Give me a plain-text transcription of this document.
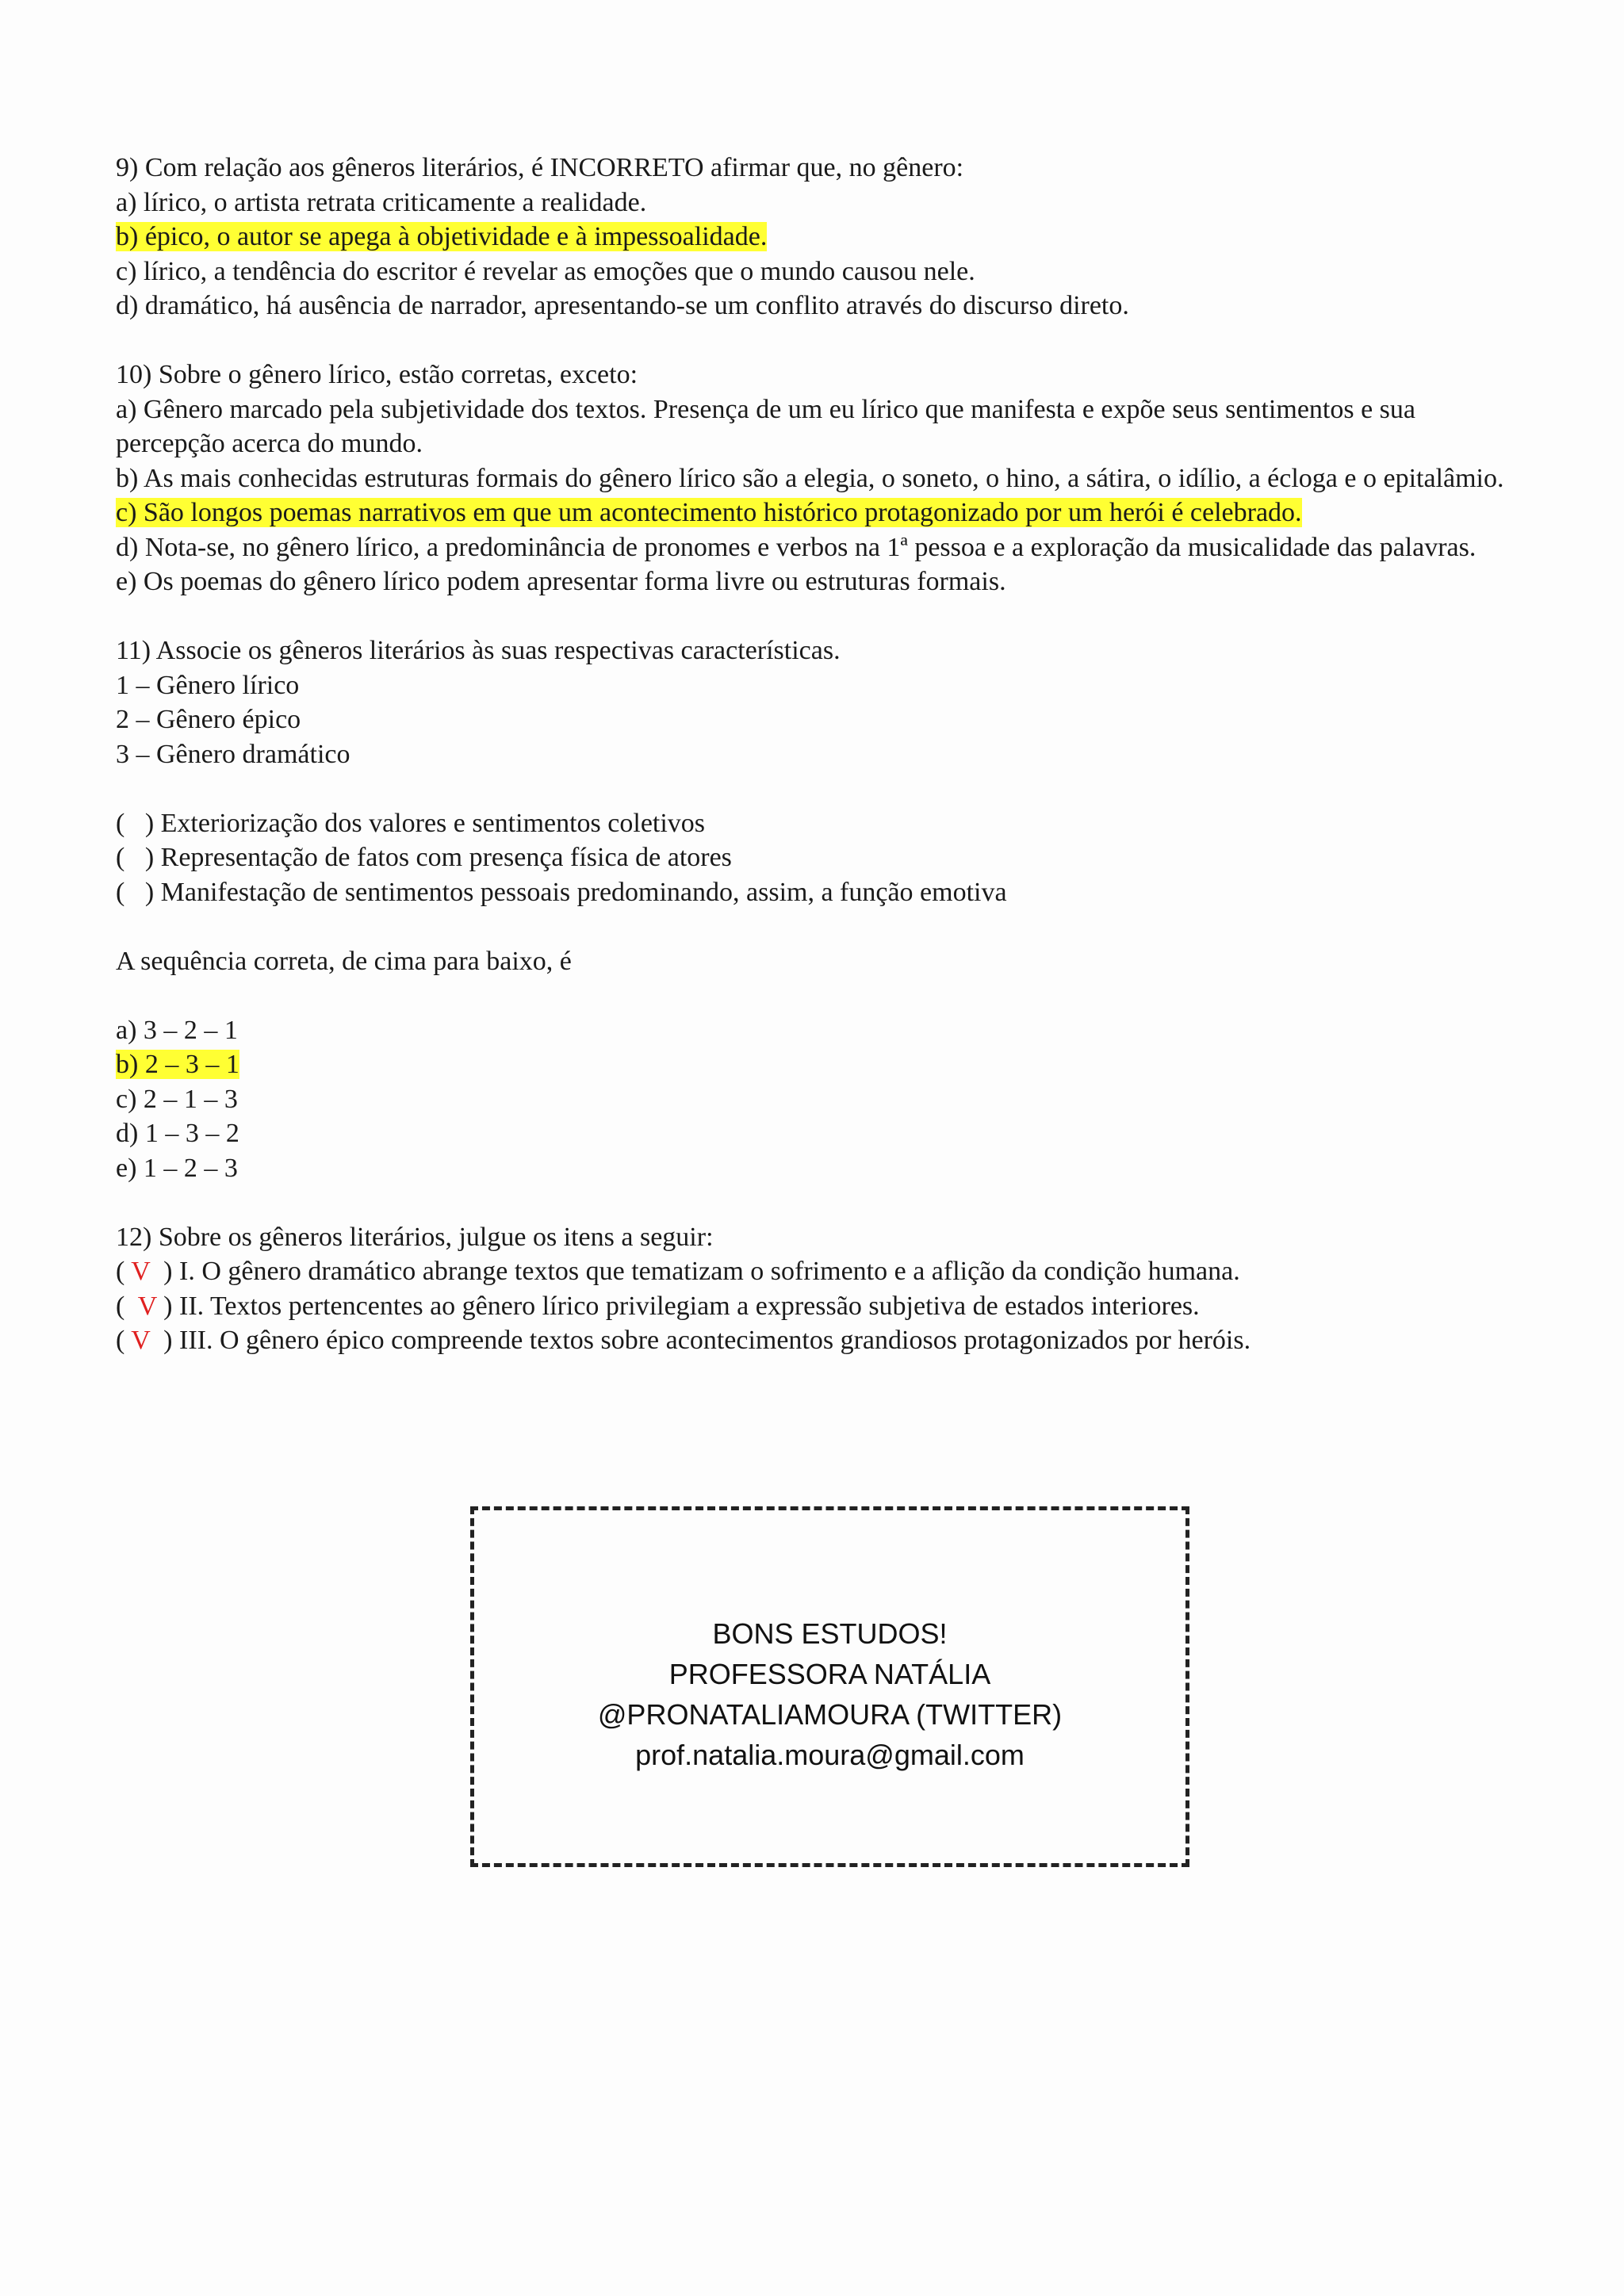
9) Com relação aos gêneros literários, é INCORRETO afirmar que, no gênero:
a) lírico, o artista retrata criticamente a realidade.
b) épico, o autor se apega à objetividade e à impessoalidade.
c) lírico, a tendência do escritor é revelar as emoções que o mundo causou nele.
d) dramático, há ausência de narrador, apresentando-se um conflito através do discurso direto.
10) Sobre o gênero lírico, estão corretas, exceto:
a) Gênero marcado pela subjetividade dos textos. Presença de um eu lírico que manifesta e expõe seus sentimentos e sua percepção acerca do mundo.
b) As mais conhecidas estruturas formais do gênero lírico são a elegia, o soneto, o hino, a sátira, o idílio, a écloga e o epitalâmio.
c) São longos poemas narrativos em que um acontecimento histórico protagonizado por um herói é celebrado.
d) Nota-se, no gênero lírico, a predominância de pronomes e verbos na 1ª pessoa e a exploração da musicalidade das palavras.
e) Os poemas do gênero lírico podem apresentar forma livre ou estruturas formais.
11) Associe os gêneros literários às suas respectivas características.
1 – Gênero lírico
2 – Gênero épico
3 – Gênero dramático
(   ) Exteriorização dos valores e sentimentos coletivos
(   ) Representação de fatos com presença física de atores
(   ) Manifestação de sentimentos pessoais predominando, assim, a função emotiva
A sequência correta, de cima para baixo, é
a) 3 – 2 – 1
b) 2 – 3 – 1
c) 2 – 1 – 3
d) 1 – 3 – 2
e) 1 – 2 – 3
12) Sobre os gêneros literários, julgue os itens a seguir:
( V  ) I. O gênero dramático abrange textos que tematizam o sofrimento e a aflição da condição humana.
(  V ) II. Textos pertencentes ao gênero lírico privilegiam a expressão subjetiva de estados interiores.
( V  ) III. O gênero épico compreende textos sobre acontecimentos grandiosos protagonizados por heróis.
BONS ESTUDOS!
PROFESSORA NATÁLIA
@PRONATALIAMOURA (TWITTER)
prof.natalia.moura@gmail.com
